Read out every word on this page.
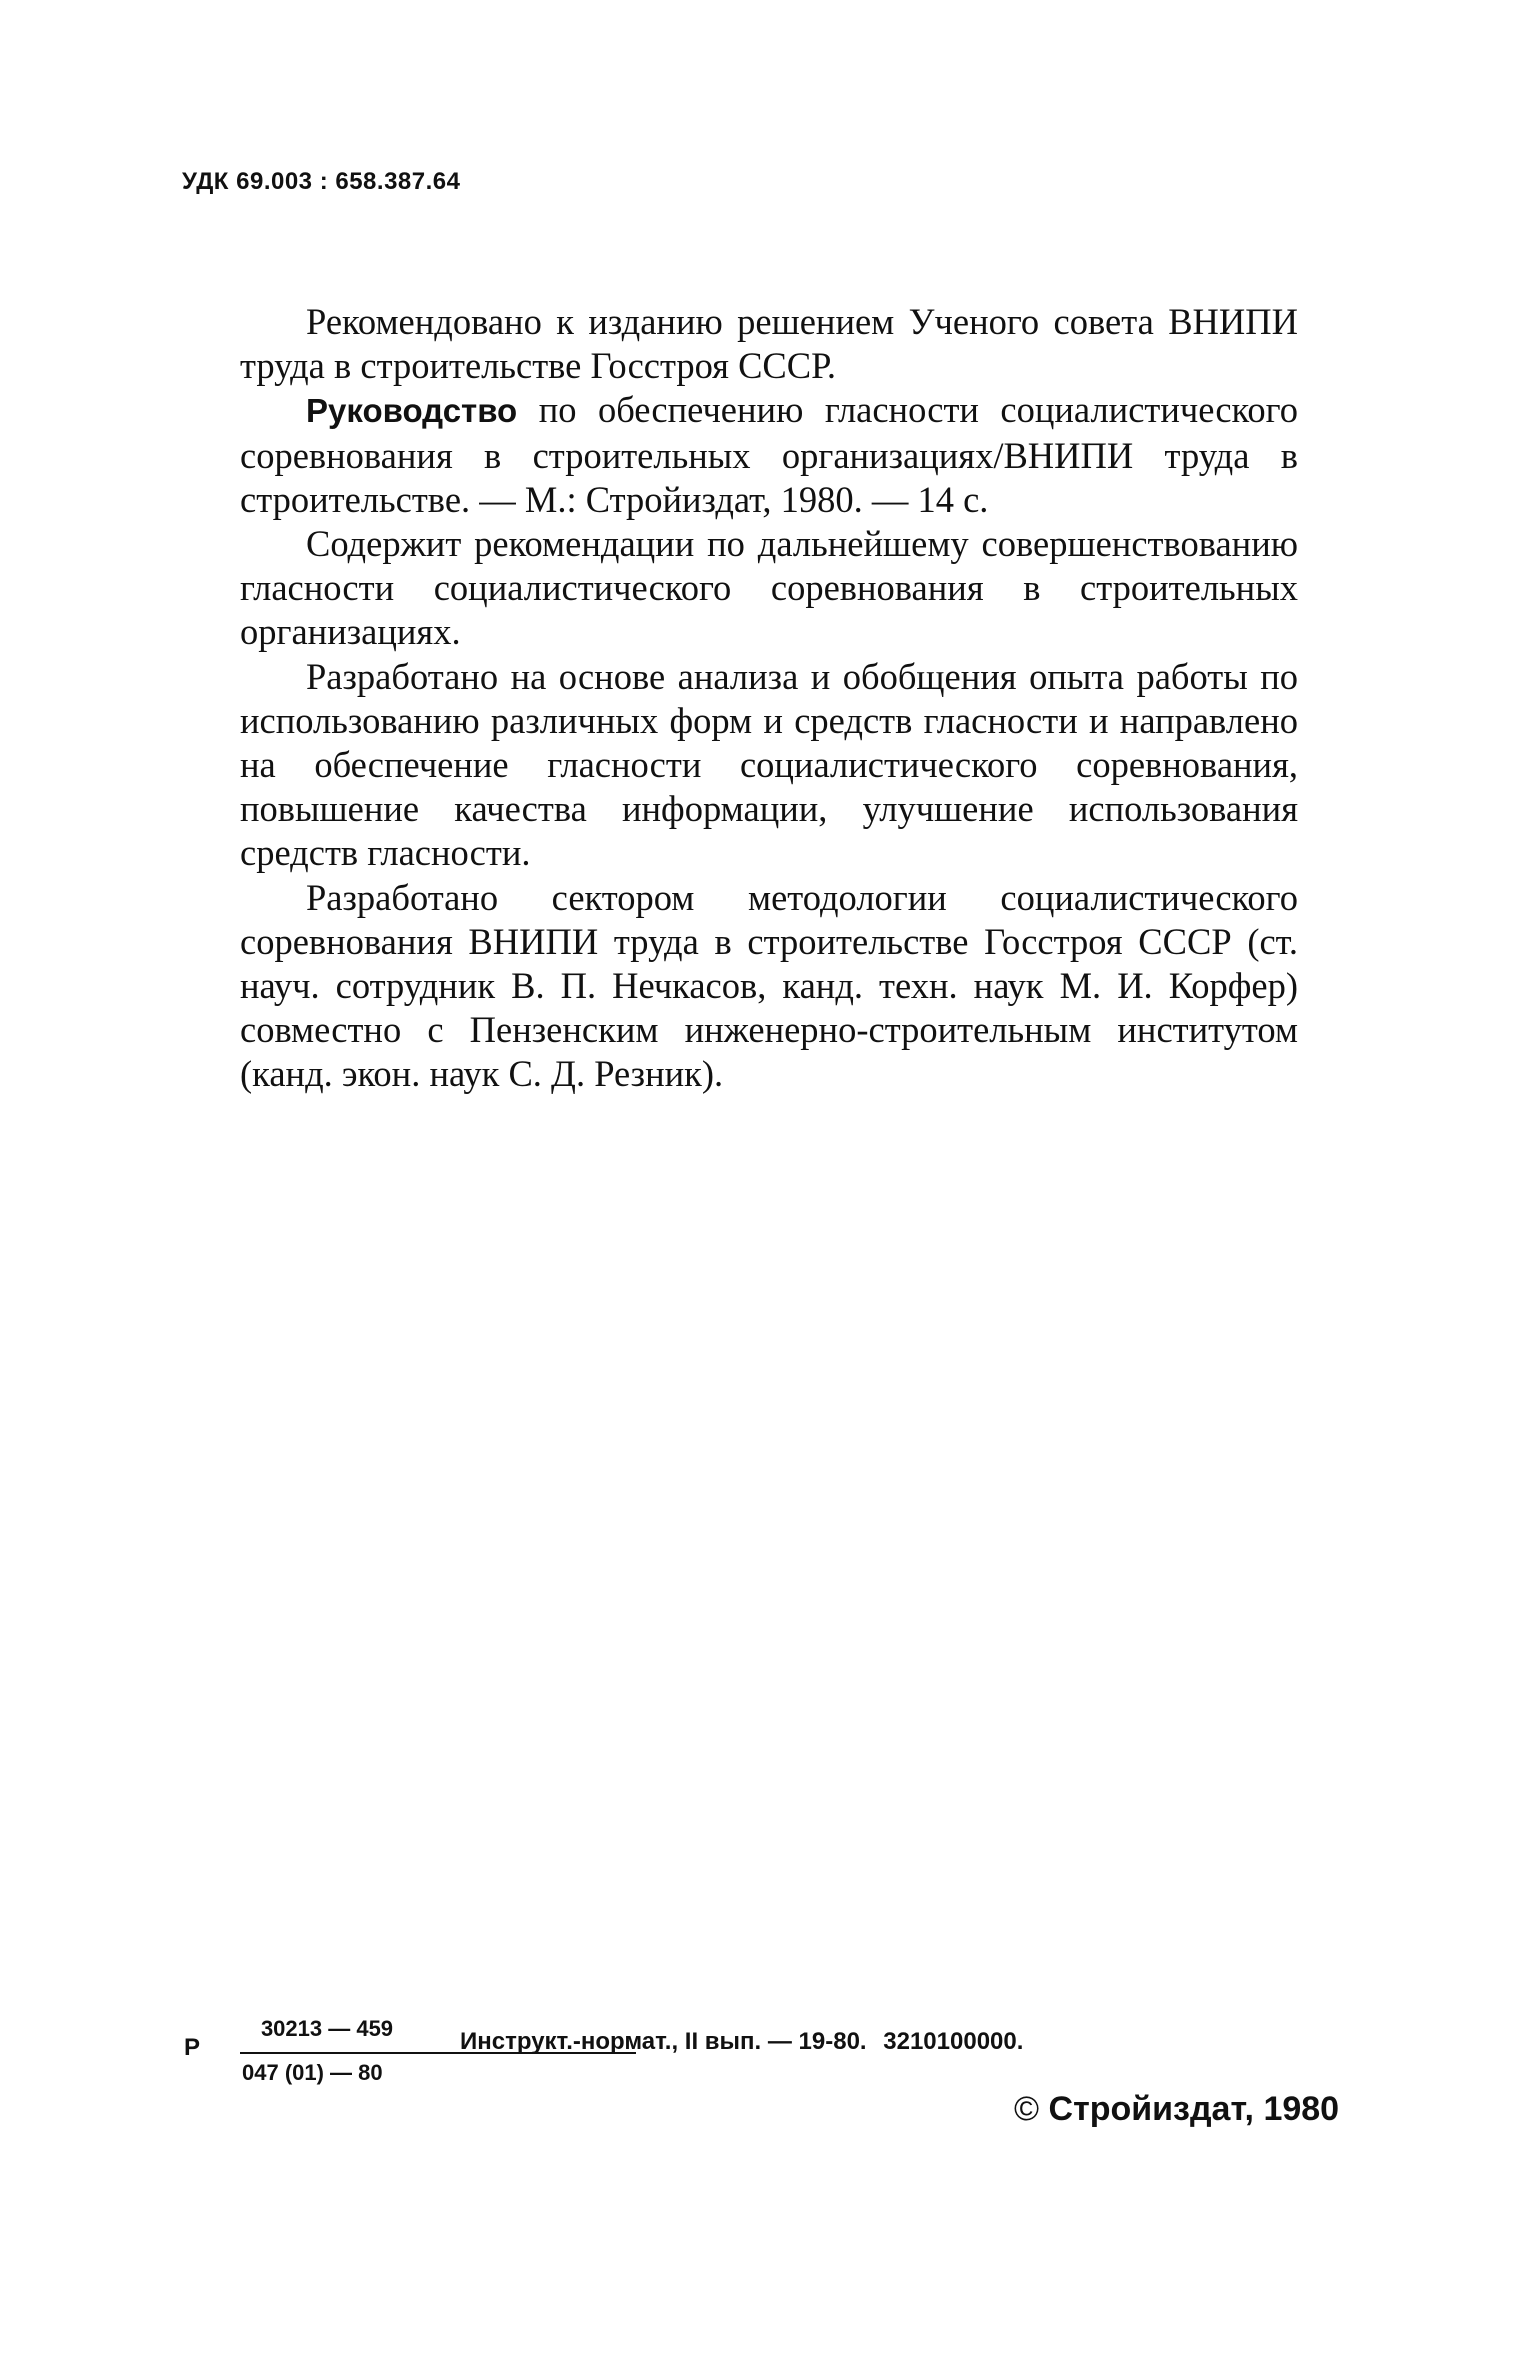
УДК 69.003 : 658.387.64

Рекомендовано к изданию решением Ученого совета ВНИПИ труда в строительстве Госстроя СССР.

Руководство по обеспечению гласности социалистического соревнования в строительных организациях/ВНИПИ труда в строительстве. — М.: Стройиздат, 1980. — 14 с.

Содержит рекомендации по дальнейшему совершенствованию гласности социалистического соревнования в строительных организациях.

Разработано на основе анализа и обобщения опыта работы по использованию различных форм и средств гласности и направлено на обеспечение гласности социалистического соревнования, повышение качества информации, улучшение использования средств гласности.

Разработано сектором методологии социалистического соревнования ВНИПИ труда в строительстве Госстроя СССР (ст. науч. сотрудник В. П. Нечкасов, канд. техн. наук М. И. Корфер) совместно с Пензенским инженерно-строительным институтом (канд. экон. наук С. Д. Резник).

Р
30213 — 459
047 (01) — 80
Инструкт.-нормат., II вып. — 19-80. 3210100000.
© Стройиздат, 1980
